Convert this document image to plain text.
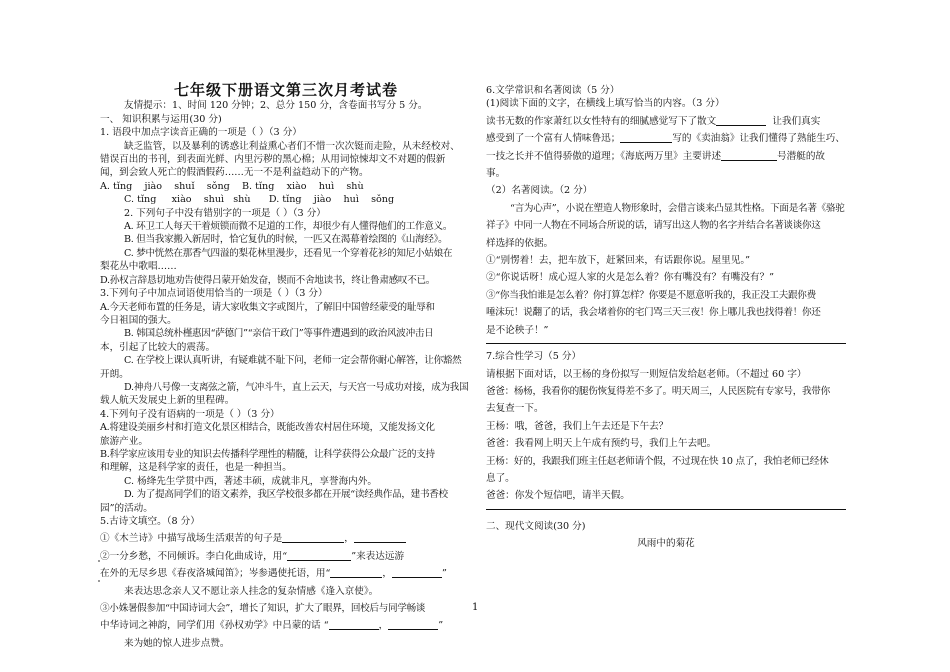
七年级下册语文第三次月考试卷
友情提示：1、时间 120 分钟；2、总分 150 分，含卷面书写分 5 分。
一、 知识积累与运用(30 分)
1. 语段中加点字读音正确的一项是（ ）（3 分）
缺乏监管，以及暴利的诱惑让利益熏心者们不惜一次次铤而走险，从未经校对、
错误百出的书刊，到表面光鲜、内里污秽的黑心棉；从用词惊悚却文不对题的假新
闻，到会致人死亡的假酒假药……无一不是利益趋动下的产物。
A. tǐng    jiào    shuǐ    sǒng    B. tǐng    xiào    huì    shù
C. tǐng     xiào    shuì   shù      D. tǐng    jiào    huì    sǒng
2. 下列句子中没有错别字的一项是（ ）（3 分）
A. 环卫工人每天干着烦锁而微不足道的工作，却很少有人懂得他们的工作意义。
B. 但当我家搬入新居时，恰它复仇的时候，一匹又在渴幕着绘图的《山海经》。
C. 梦中恍然在那香气四溢的梨花林里漫步，还看见一个穿着花衫的知尼小姑娘在
梨花丛中歌唱……
D.孙权言辞恳切地劝告使得吕蒙开始发奋，锲而不舍地读书，终让鲁肃感叹不已。
3.下列句子中加点词语使用恰当的一项是（ ）（3 分）
A.今天老师布置的任务是，请大家收集文字或图片，了解旧中国曾经蒙受的耻辱和
今日祖国的强大。
B. 韩国总统朴槿惠因“萨德门”“亲信干政门”等事件遭遇到的政治风波冲击日
本，引起了比较大的震荡。
C. 在学校上课认真听讲，有疑难就不耻下问，老师一定会帮你耐心解答，让你豁然
开朗。
D.神舟八号像一支离弦之箭，气冲斗牛，直上云天，与天宫一号成功对接，成为我国
载人航天发展史上新的里程碑。
4.下列句子没有语病的一项是（ ）（3 分）
A.将建设美丽乡村和打造文化景区相结合，既能改善农村居住环境，又能发扬文化
旅游产业。
B.科学家应该用专业的知识去传播科学理性的精髓，让科学获得公众最广泛的支持
和理解，这是科学家的责任，也是一种担当。
C. 杨绛先生学贯中西，著述丰硕，成就非凡，享誉海内外。
D. 为了提高同学们的语文素养，我区学校很多都在开展“读经典作品，建书香校
园”的活动。
5.古诗文填空。（8 分）
①《木兰诗》中描写战场生活艰苦的句子是	，
②一分乡愁，不同倾诉。李白化曲成诗，用“	”来表达远游
在外的无尽乡思《春夜洛城闻笛》；岑参遇使托语，用“	，	”
来表达思念亲人又不愿让亲人挂念的复杂情感《逢入京使》。
③小姝暑假参加“中国诗词大会”，增长了知识，扩大了眼界，回校后与同学畅谈
中华诗词之神韵，同学们用《孙权劝学》中吕蒙的话 “	，	”
来为她的惊人进步点赞。
6.文学常识和名著阅读（5 分）
(1)阅读下面的文字，在横线上填写恰当的内容。（3 分）
读书无数的作家萧红以女性特有的细腻感觉写下了散文	让我们真实
感受到了一个富有人情味鲁迅；	写的《卖油翁》让我们懂得了熟能生巧、
一技之长并不值得骄傲的道理；《海底两万里》主要讲述	号潜艇的故
事。
（2）名著阅读。（2 分）
“言为心声”，小说在塑造人物形象时，会借言谈来凸显其性格。下面是名著《骆驼
祥子》中同一人物在不同场合所说的话，请写出这人物的名字并结合名著谈谈你这
样选择的依据。
①“别愣着！去，把车放下，赶紧回来，有话跟你说。屋里见。”
②“你说话呀！成心逗人家的火是怎么着？你有嘴没有？有嘴没有？”
③“你当我怕谁是怎么着？你打算怎样？你要是不愿意听我的，我正没工夫跟你费
唾沫玩！说翻了的话，我会堵着你的宅门骂三天三夜！你上哪儿我也找得着！你还
是不论秧子！”
7.综合性学习（5 分）
请根据下面对话，以王杨的身份拟写一则短信发给赵老师。（不超过 60 字）
爸爸：杨杨，我看你的腿伤恢复得差不多了。明天周三，人民医院有专家号，我带你
去复查一下。
王杨：哦，爸爸，我们上午去还是下午去？
爸爸：我看网上明天上午成有预约号，我们上午去吧。
王杨：好的，我跟我们班主任赵老师请个假，不过现在快 10 点了，我怕老师已经休
息了。
爸爸：你发个短信吧，请半天假。
二、现代文阅读(30 分)
风雨中的菊花
1
